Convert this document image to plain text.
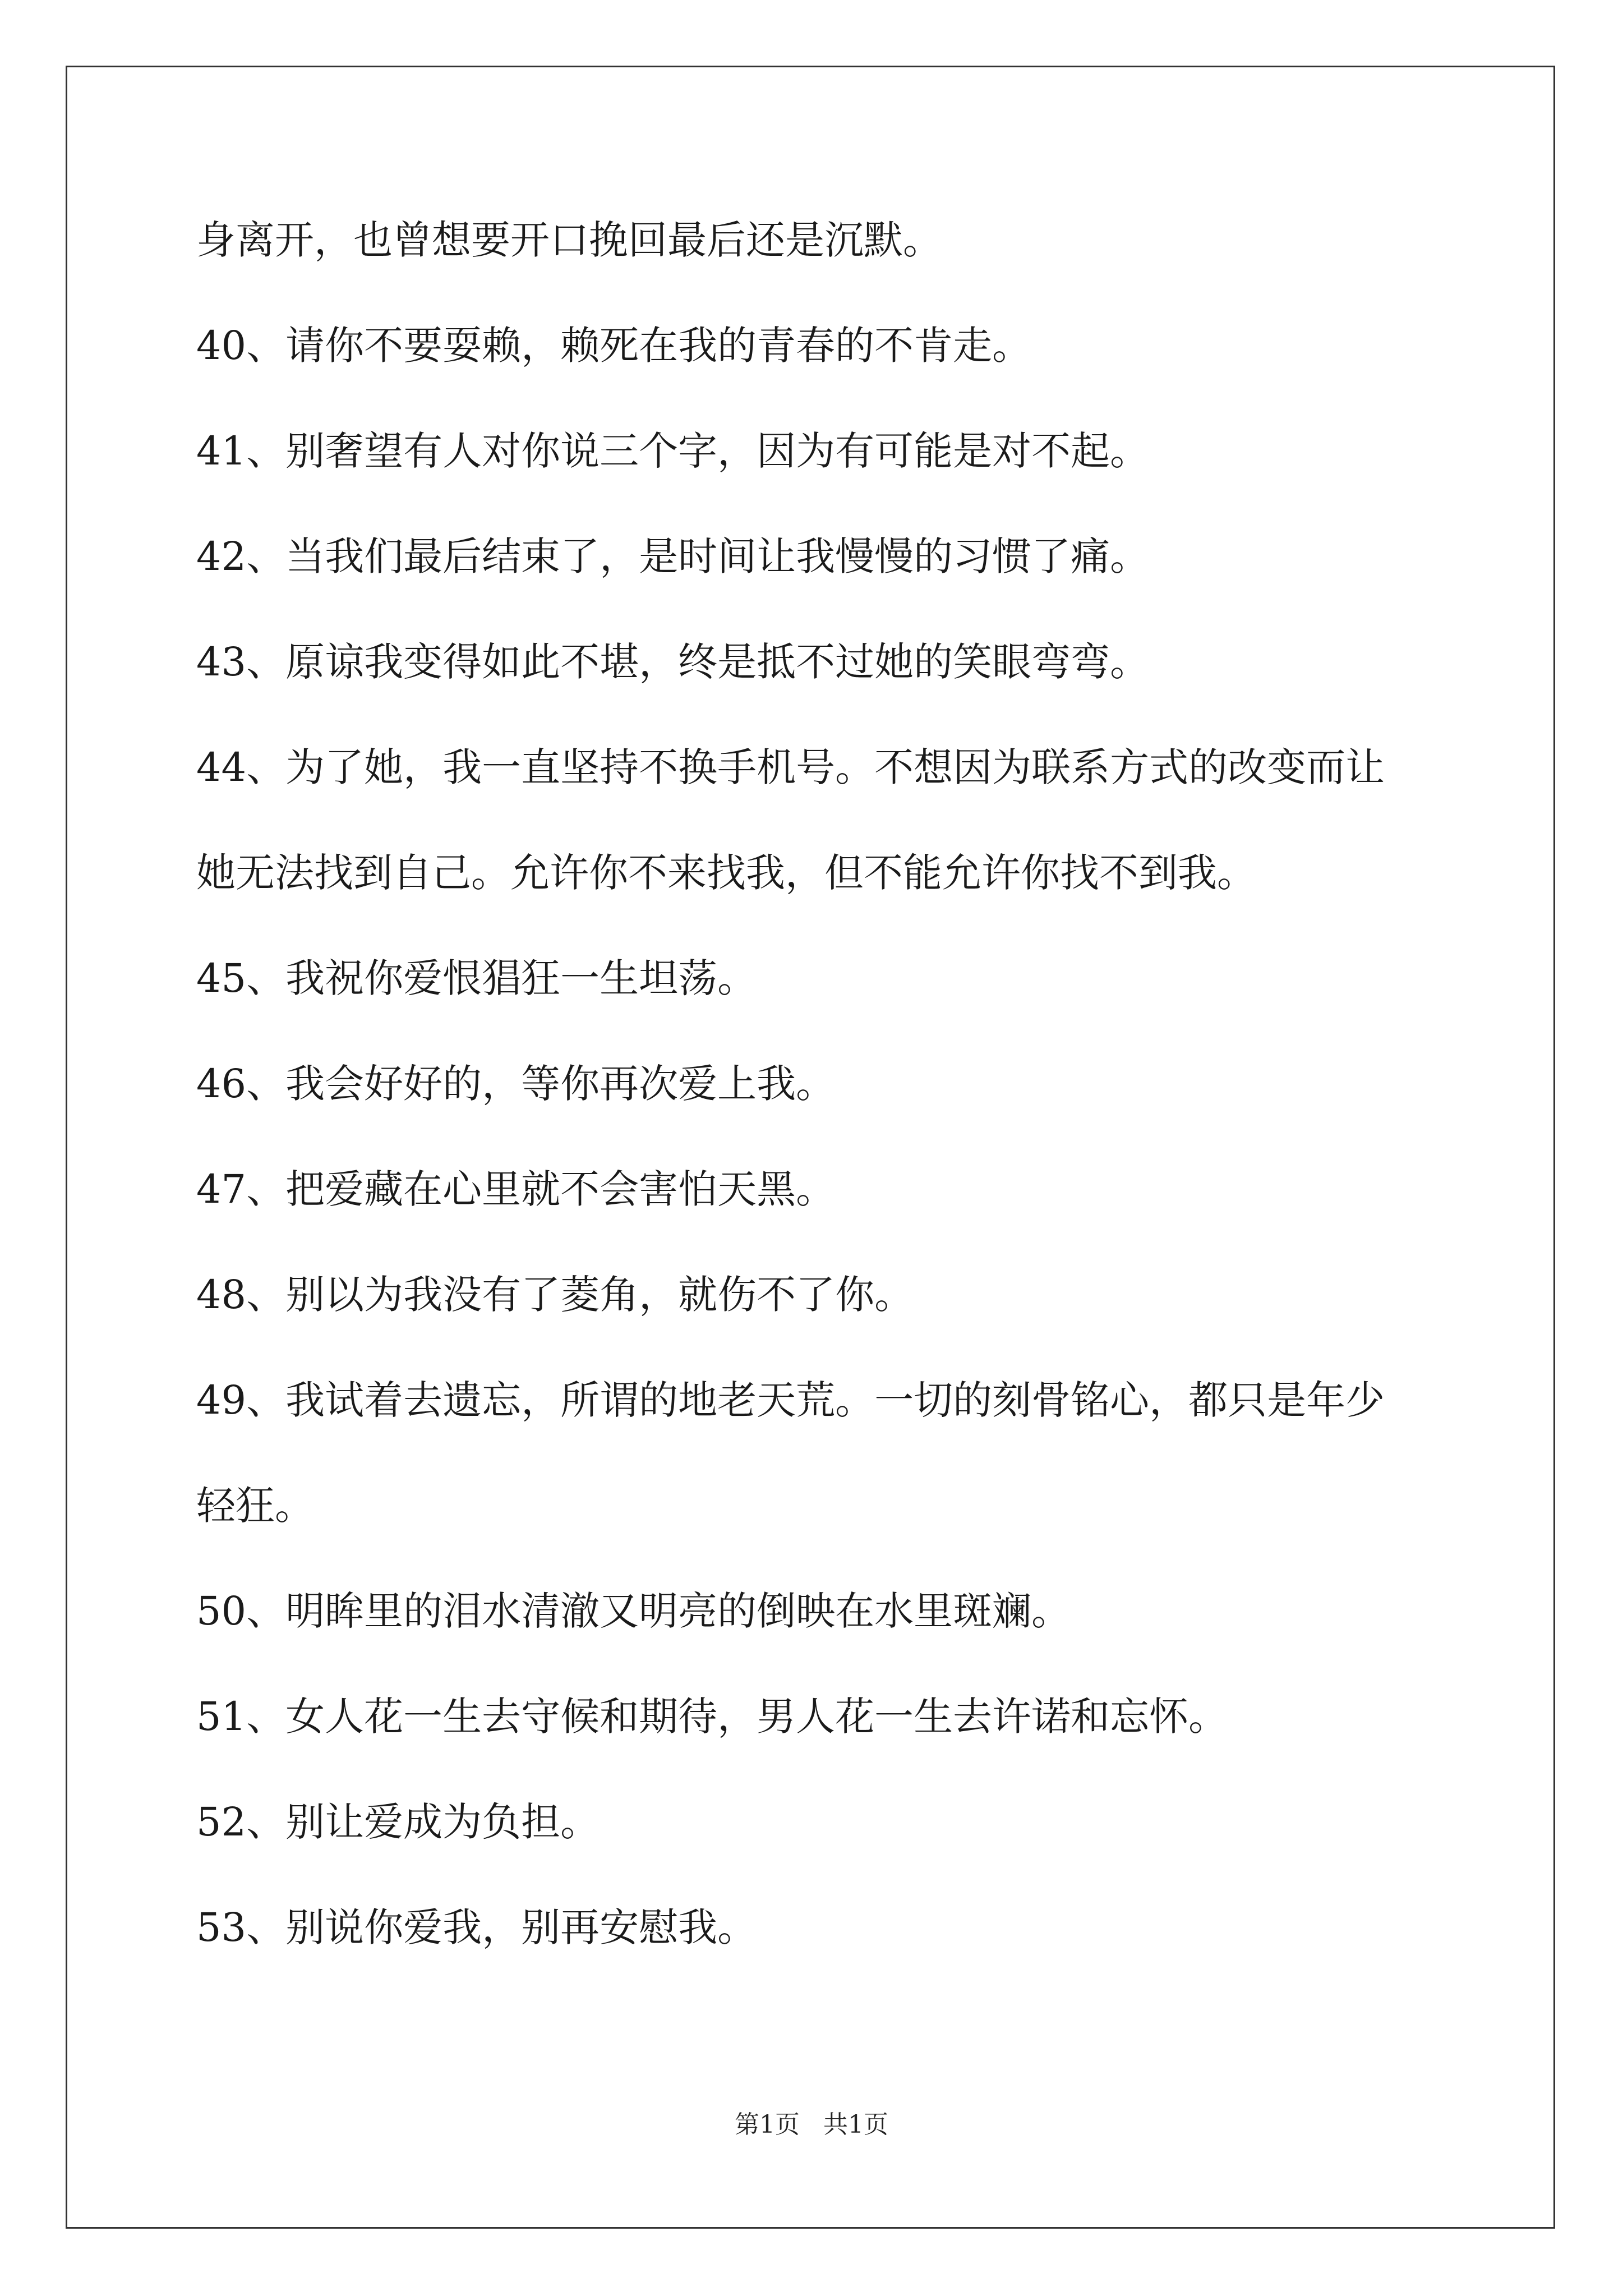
身离开，也曾想要开口挽回最后还是沉默。
40、请你不要耍赖，赖死在我的青春的不肯走。
41、别奢望有人对你说三个字，因为有可能是对不起。
42、当我们最后结束了，是时间让我慢慢的习惯了痛。
43、原谅我变得如此不堪，终是抵不过她的笑眼弯弯。
44、为了她，我一直坚持不换手机号。不想因为联系方式的改变而让
她无法找到自己。允许你不来找我，但不能允许你找不到我。
45、我祝你爱恨猖狂一生坦荡。
46、我会好好的，等你再次爱上我。
47、把爱藏在心里就不会害怕天黑。
48、别以为我没有了菱角，就伤不了你。
49、我试着去遗忘，所谓的地老天荒。一切的刻骨铭心，都只是年少
轻狂。
50、明眸里的泪水清澈又明亮的倒映在水里斑斓。
51、女人花一生去守候和期待，男人花一生去许诺和忘怀。
52、别让爱成为负担。
53、别说你爱我，别再安慰我。
第1页 共1页
